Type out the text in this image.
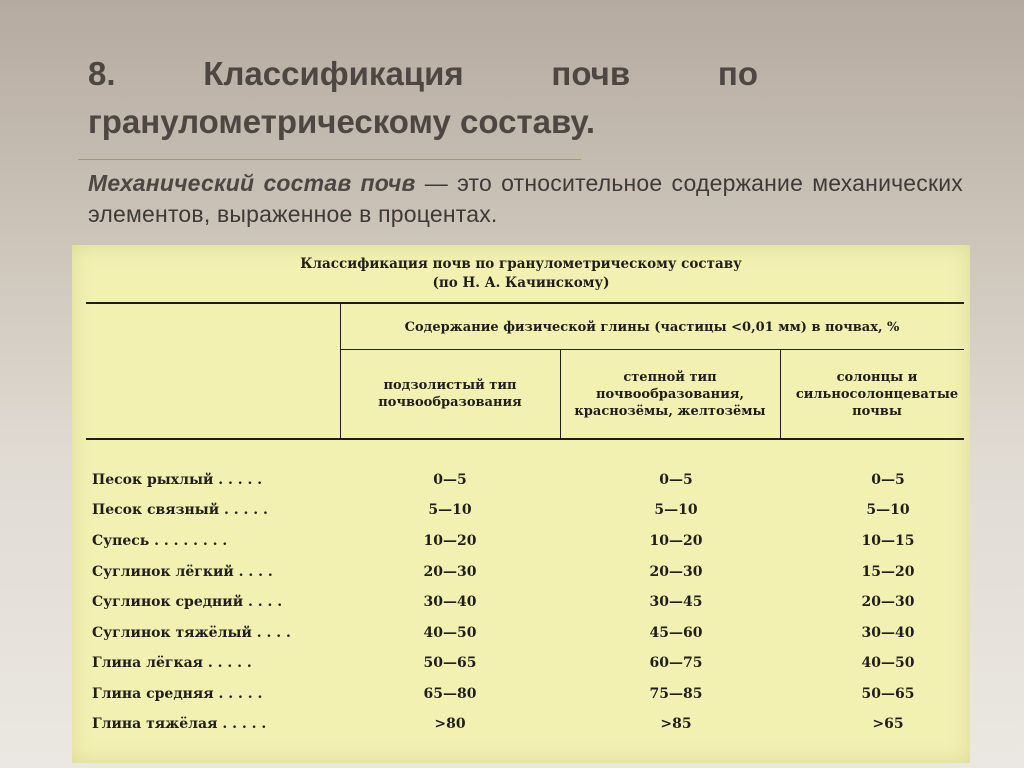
8. Классификация почв по гранулометрическому составу.

Механический состав почв — это относительное содержание механических элементов, выраженное в процентах.

Классификация почв по гранулометрическому составу
(по Н. А. Качинскому)
Содержание физической глины (частицы <0,01 мм) в почвах, %
подзолистый тип почвообразования
степной тип почвообразования, краснозёмы, желтозёмы
солонцы и сильносолонцеватые почвы
Песок рыхлый . . . . .	0—5	0—5	0—5
Песок связный . . . . .	5—10	5—10	5—10
Супесь . . . . . . . .	10—20	10—20	10—15
Суглинок лёгкий . . . .	20—30	20—30	15—20
Суглинок средний . . . .	30—40	30—45	20—30
Суглинок тяжёлый . . . .	40—50	45—60	30—40
Глина лёгкая . . . . .	50—65	60—75	40—50
Глина средняя . . . . .	65—80	75—85	50—65
Глина тяжёлая . . . . .	>80	>85	>65
